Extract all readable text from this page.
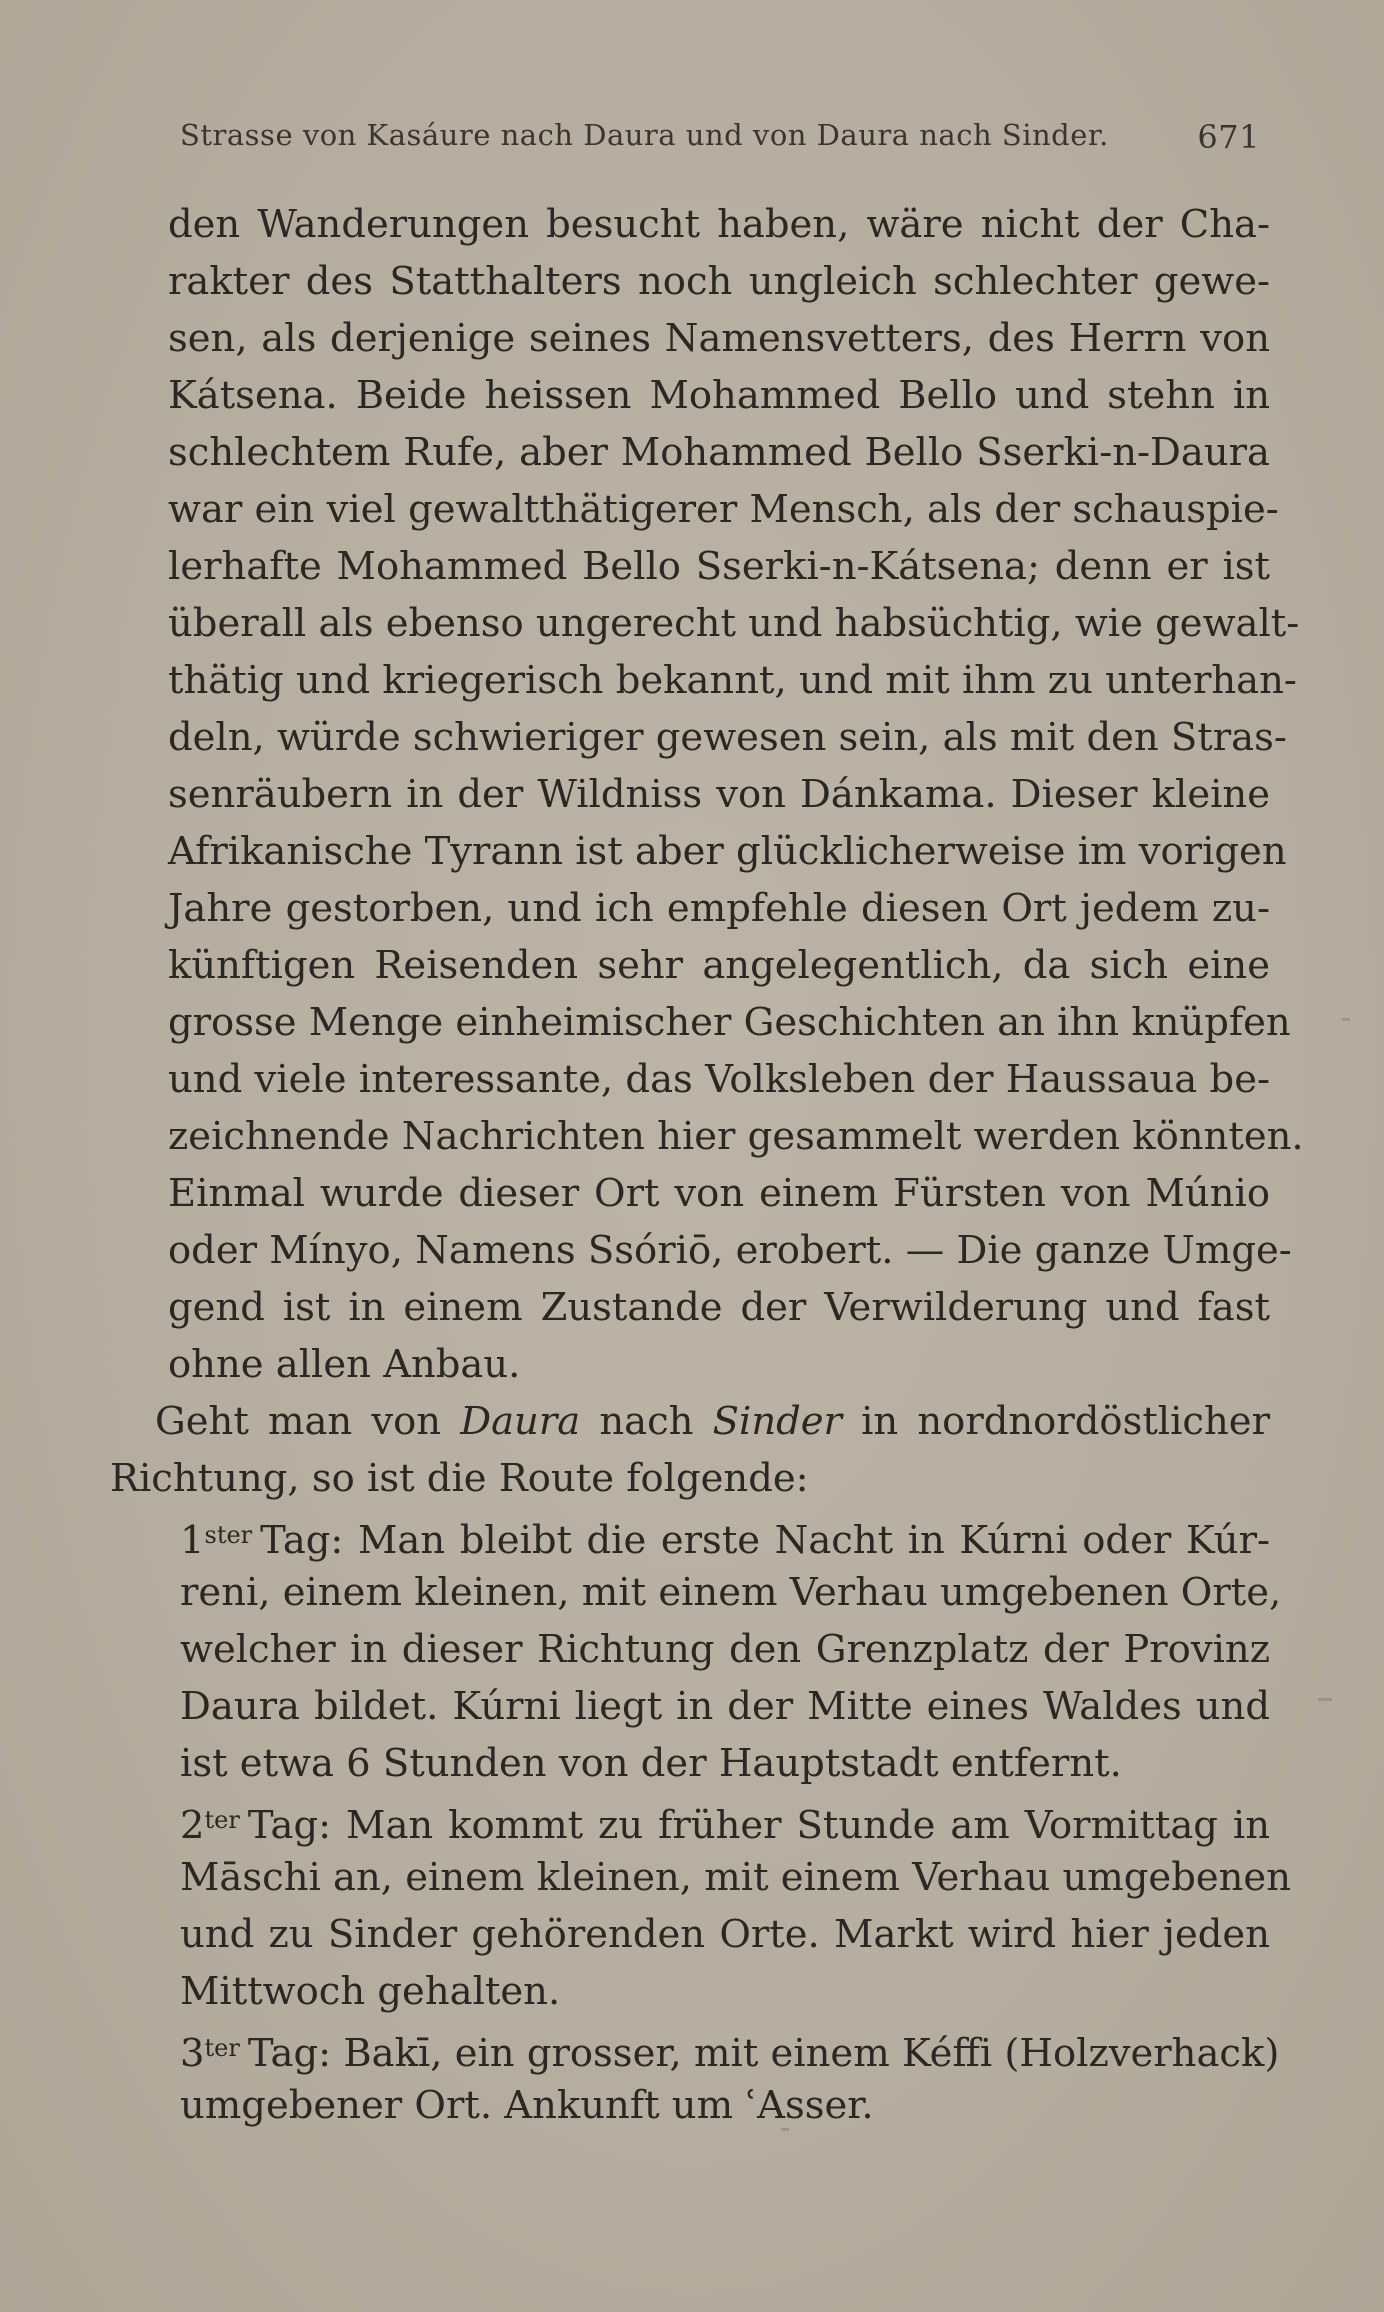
Strasse von Kasáure nach Daura und von Daura nach Sinder.	671
den Wanderungen besucht haben, wäre nicht der Cha-
rakter des Statthalters noch ungleich schlechter gewe-
sen, als derjenige seines Namensvetters, des Herrn von
Kátsena. Beide heissen Mohammed Bello und stehn in
schlechtem Rufe, aber Mohammed Bello Sserki-n-Daura
war ein viel gewaltthätigerer Mensch, als der schauspie-
lerhafte Mohammed Bello Sserki-n-Kátsena; denn er ist
überall als ebenso ungerecht und habsüchtig, wie gewalt-
thätig und kriegerisch bekannt, und mit ihm zu unterhan-
deln, würde schwieriger gewesen sein, als mit den Stras-
senräubern in der Wildniss von Dánkama. Dieser kleine
Afrikanische Tyrann ist aber glücklicherweise im vorigen
Jahre gestorben, und ich empfehle diesen Ort jedem zu-
künftigen Reisenden sehr angelegentlich, da sich eine
grosse Menge einheimischer Geschichten an ihn knüpfen
und viele interessante, das Volksleben der Haussaua be-
zeichnende Nachrichten hier gesammelt werden könnten.
Einmal wurde dieser Ort von einem Fürsten von Múnio
oder Mínyo, Namens Ssóriō, erobert. — Die ganze Umge-
gend ist in einem Zustande der Verwilderung und fast
ohne allen Anbau.
Geht man von Daura nach Sinder in nordnordöstlicher
Richtung, so ist die Route folgende:
$1^{ster}$ Tag: Man bleibt die erste Nacht in Kúrni oder Kúr-
reni, einem kleinen, mit einem Verhau umgebenen Orte,
welcher in dieser Richtung den Grenzplatz der Provinz
Daura bildet. Kúrni liegt in der Mitte eines Waldes und
ist etwa 6 Stunden von der Hauptstadt entfernt.
$2^{ter}$ Tag: Man kommt zu früher Stunde am Vormittag in
Māschi an, einem kleinen, mit einem Verhau umgebenen
und zu Sinder gehörenden Orte. Markt wird hier jeden
Mittwoch gehalten.
$3^{ter}$ Tag: Bakī, ein grosser, mit einem Kéffi (Holzverhack)
umgebener Ort. Ankunft um ʿAsser.
